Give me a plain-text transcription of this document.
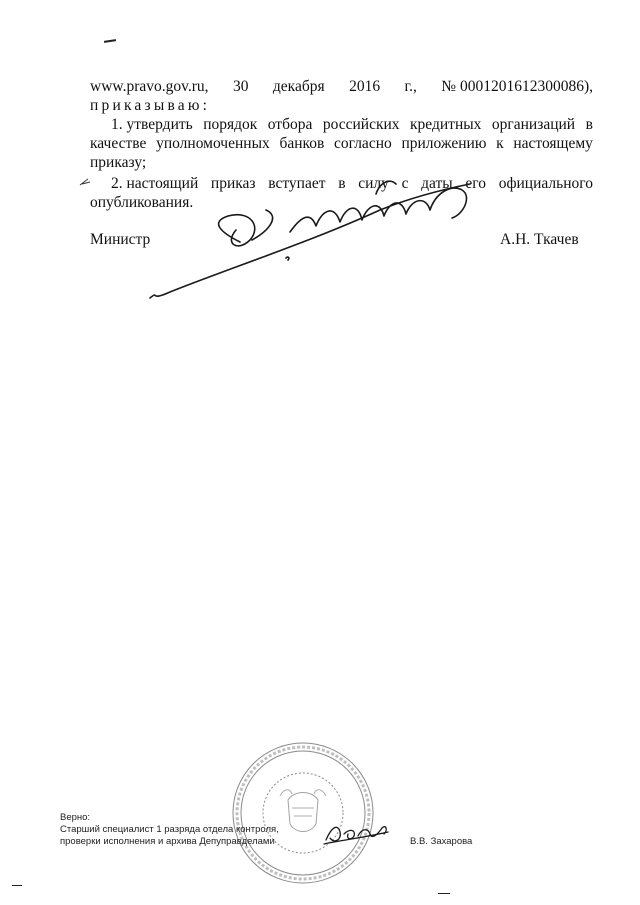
www.pravo.gov.ru, 30 декабря 2016 г., № 0001201612300086),
приказываю:
1. утвердить порядок отбора российских кредитных организаций в
качестве уполномоченных банков согласно приложению к настоящему
приказу;
2. настоящий приказ вступает в силу с даты его официального
опубликования.
Министр	А.Н. Ткачев
Верно:
Старший специалист 1 разряда отдела контроля,
проверки исполнения и архива Депуправделами	В.В. Захарова
